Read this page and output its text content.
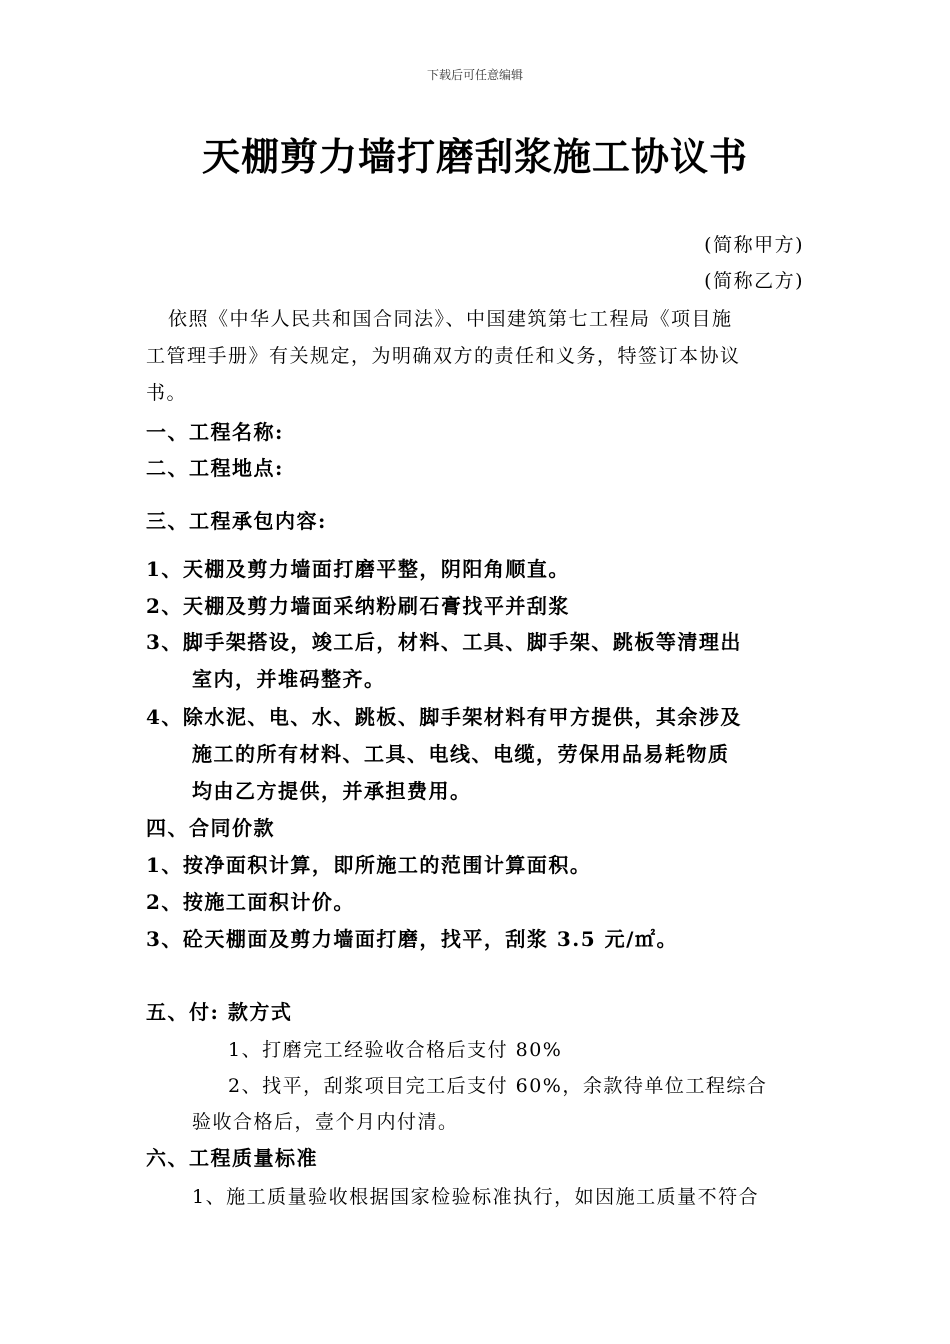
下载后可任意编辑
天棚剪力墙打磨刮浆施工协议书
(简称甲方)
(简称乙方)
依照《中华人民共和国合同法》、中国建筑第七工程局《项目施
工管理手册》有关规定，为明确双方的责任和义务，特签订本协议
书。
一、工程名称:
二、工程地点:
三、工程承包内容:
1、天棚及剪力墙面打磨平整，阴阳角顺直。
2、天棚及剪力墙面采纳粉刷石膏找平并刮浆
3、脚手架搭设，竣工后，材料、工具、脚手架、跳板等清理出
室内，并堆码整齐。
4、除水泥、电、水、跳板、脚手架材料有甲方提供，其余涉及
施工的所有材料、工具、电线、电缆，劳保用品易耗物质
均由乙方提供，并承担费用。
四、合同价款
1、按净面积计算，即所施工的范围计算面积。
2、按施工面积计价。
3、砼天棚面及剪力墙面打磨，找平，刮浆 3.5 元/㎡。
五、付: 款方式
1、打磨完工经验收合格后支付 80%
2、找平，刮浆项目完工后支付 60%，余款待单位工程综合
验收合格后，壹个月内付清。
六、工程质量标准
1、施工质量验收根据国家检验标准执行，如因施工质量不符合
